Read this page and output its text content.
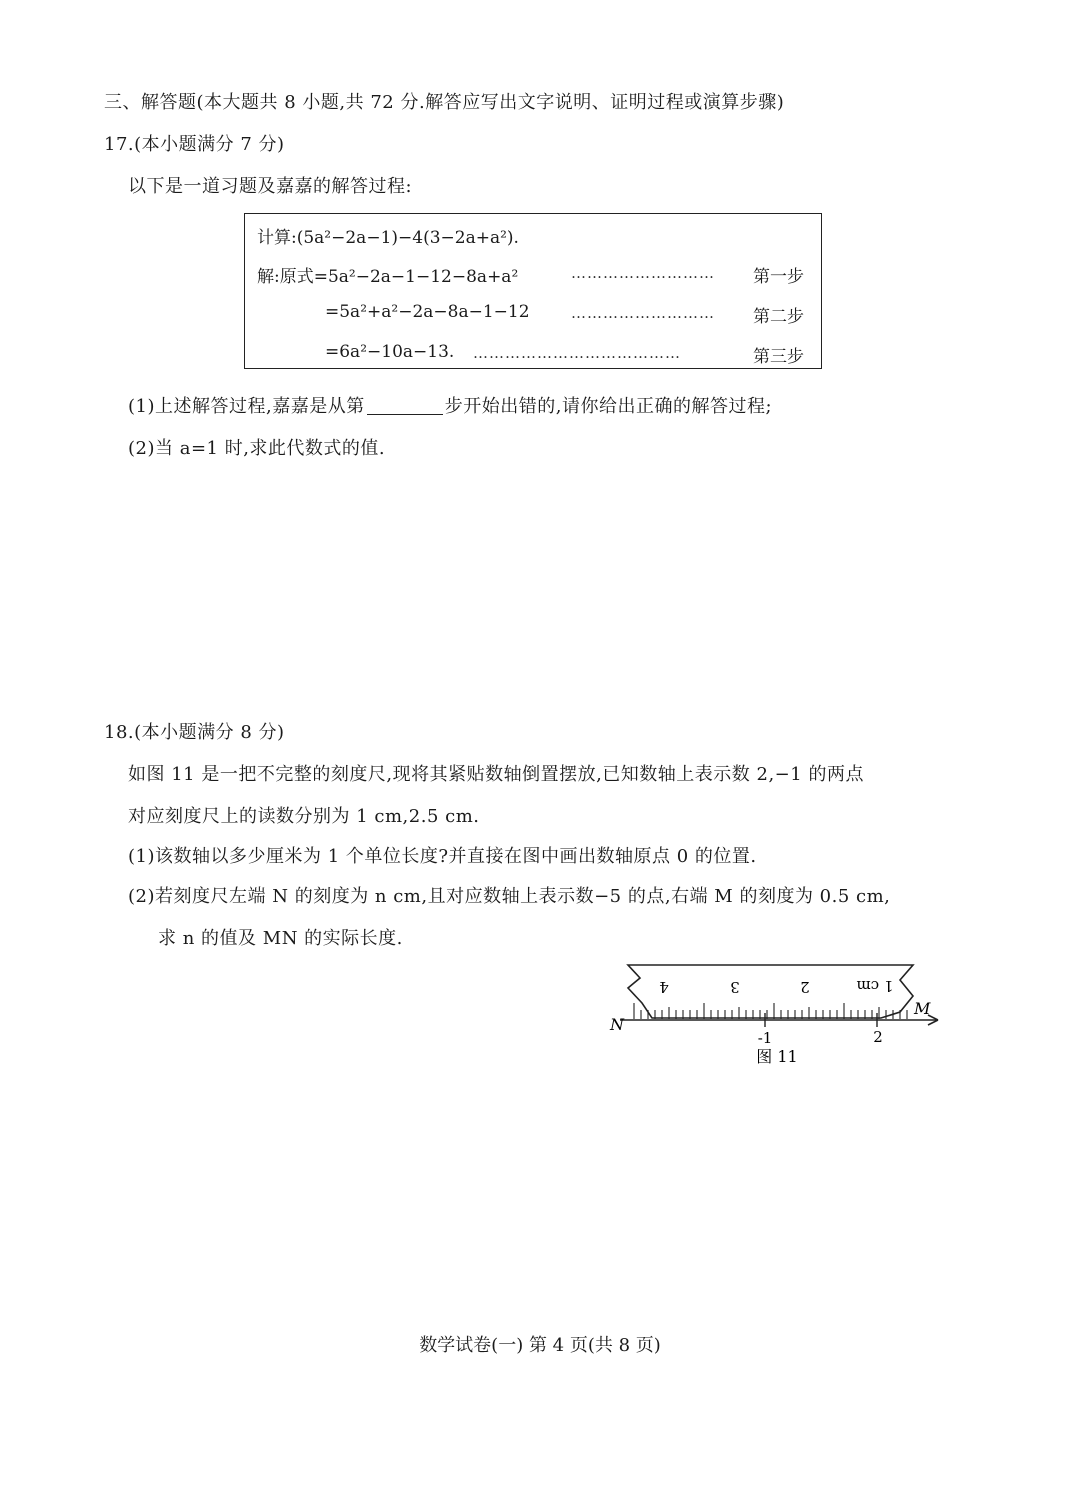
三、解答题(本大题共 8 小题,共 72 分.解答应写出文字说明、证明过程或演算步骤)
17.(本小题满分 7 分)
以下是一道习题及嘉嘉的解答过程:
计算:(5a²−2a−1)−4(3−2a+a²).
解:原式=5a²−2a−1−12−8a+a²	……………………… 第一步
=5a²+a²−2a−8a−1−12	……………………… 第二步
=6a²−10a−13. …………………………………	第三步
(1)上述解答过程,嘉嘉是从第	步开始出错的,请你给出正确的解答过程;
(2)当 a=1 时,求此代数式的值.
18.(本小题满分 8 分)
如图 11 是一把不完整的刻度尺,现将其紧贴数轴倒置摆放,已知数轴上表示数 2,−1 的两点
对应刻度尺上的读数分别为 1 cm,2.5 cm.
(1)该数轴以多少厘米为 1 个单位长度?并直接在图中画出数轴原点 0 的位置.
(2)若刻度尺左端 N 的刻度为 n cm,且对应数轴上表示数−5 的点,右端 M 的刻度为 0.5 cm,
求 n 的值及 MN 的实际长度.
1 cm
2
3
4
-1	2
N
M
图 11
数学试卷(一) 第 4 页(共 8 页)
